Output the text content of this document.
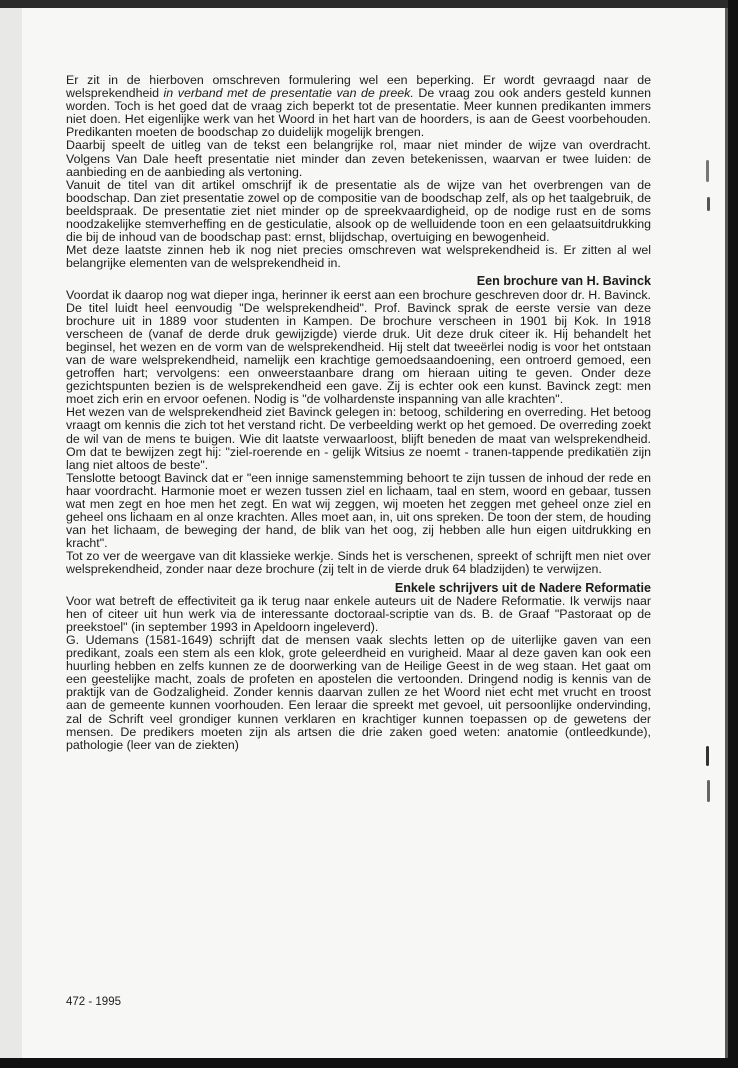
Er zit in de hierboven omschreven formulering wel een beperking. Er wordt gevraagd naar de welsprekendheid in verband met de presentatie van de preek. De vraag zou ook anders gesteld kunnen worden. Toch is het goed dat de vraag zich beperkt tot de presentatie. Meer kunnen predikanten immers niet doen. Het eigenlijke werk van het Woord in het hart van de hoorders, is aan de Geest voorbehouden. Predikanten moeten de boodschap zo duidelijk mogelijk brengen.

Daarbij speelt de uitleg van de tekst een belangrijke rol, maar niet minder de wijze van overdracht. Volgens Van Dale heeft presentatie niet minder dan zeven betekenissen, waarvan er twee luiden: de aanbieding en de aanbieding als vertoning.

Vanuit de titel van dit artikel omschrijf ik de presentatie als de wijze van het overbrengen van de boodschap. Dan ziet presentatie zowel op de compositie van de boodschap zelf, als op het taalgebruik, de beeldspraak. De presentatie ziet niet minder op de spreekvaardigheid, op de nodige rust en de soms noodzakelijke stemverheffing en de gesticulatie, alsook op de welluidende toon en een gelaatsuitdrukking die bij de inhoud van de boodschap past: ernst, blijdschap, overtuiging en bewogenheid.

Met deze laatste zinnen heb ik nog niet precies omschreven wat welsprekendheid is. Er zitten al wel belangrijke elementen van de welsprekendheid in.

Een brochure van H. Bavinck

Voordat ik daarop nog wat dieper inga, herinner ik eerst aan een brochure geschreven door dr. H. Bavinck. De titel luidt heel eenvoudig "De welsprekendheid". Prof. Bavinck sprak de eerste versie van deze brochure uit in 1889 voor studenten in Kampen. De brochure verscheen in 1901 bij Kok. In 1918 verscheen de (vanaf de derde druk gewijzigde) vierde druk. Uit deze druk citeer ik. Hij behandelt het beginsel, het wezen en de vorm van de welsprekendheid. Hij stelt dat tweeërlei nodig is voor het ontstaan van de ware welsprekendheid, namelijk een krachtige gemoedsaandoening, een ontroerd gemoed, een getroffen hart; vervolgens: een onweerstaanbare drang om hieraan uiting te geven. Onder deze gezichtspunten bezien is de welsprekendheid een gave. Zij is echter ook een kunst. Bavinck zegt: men moet zich erin en ervoor oefenen. Nodig is "de volhardenste inspanning van alle krachten".

Het wezen van de welsprekendheid ziet Bavinck gelegen in: betoog, schildering en overreding. Het betoog vraagt om kennis die zich tot het verstand richt. De verbeelding werkt op het gemoed. De overreding zoekt de wil van de mens te buigen. Wie dit laatste verwaarloost, blijft beneden de maat van welsprekendheid. Om dat te bewijzen zegt hij: "ziel-roerende en - gelijk Witsius ze noemt - tranen-tappende predikatiën zijn lang niet altoos de beste".

Tenslotte betoogt Bavinck dat er "een innige samenstemming behoort te zijn tussen de inhoud der rede en haar voordracht. Harmonie moet er wezen tussen ziel en lichaam, taal en stem, woord en gebaar, tussen wat men zegt en hoe men het zegt. En wat wij zeggen, wij moeten het zeggen met geheel onze ziel en geheel ons lichaam en al onze krachten. Alles moet aan, in, uit ons spreken. De toon der stem, de houding van het lichaam, de beweging der hand, de blik van het oog, zij hebben alle hun eigen uitdrukking en kracht".

Tot zo ver de weergave van dit klassieke werkje. Sinds het is verschenen, spreekt of schrijft men niet over welsprekendheid, zonder naar deze brochure (zij telt in de vierde druk 64 bladzijden) te verwijzen.

Enkele schrijvers uit de Nadere Reformatie

Voor wat betreft de effectiviteit ga ik terug naar enkele auteurs uit de Nadere Reformatie. Ik verwijs naar hen of citeer uit hun werk via de interessante doctoraal-scriptie van ds. B. de Graaf "Pastoraat op de preekstoel" (in september 1993 in Apeldoorn ingeleverd).

G. Udemans (1581-1649) schrijft dat de mensen vaak slechts letten op de uiterlijke gaven van een predikant, zoals een stem als een klok, grote geleerdheid en vurigheid. Maar al deze gaven kan ook een huurling hebben en zelfs kunnen ze de doorwerking van de Heilige Geest in de weg staan. Het gaat om een geestelijke macht, zoals de profeten en apostelen die vertoonden. Dringend nodig is kennis van de praktijk van de Godzaligheid. Zonder kennis daarvan zullen ze het Woord niet echt met vrucht en troost aan de gemeente kunnen voorhouden. Een leraar die spreekt met gevoel, uit persoonlijke ondervinding, zal de Schrift veel grondiger kunnen verklaren en krachtiger kunnen toepassen op de gewetens der mensen. De predikers moeten zijn als artsen die drie zaken goed weten: anatomie (ontleedkunde), pathologie (leer van de ziekten)

472 - 1995
